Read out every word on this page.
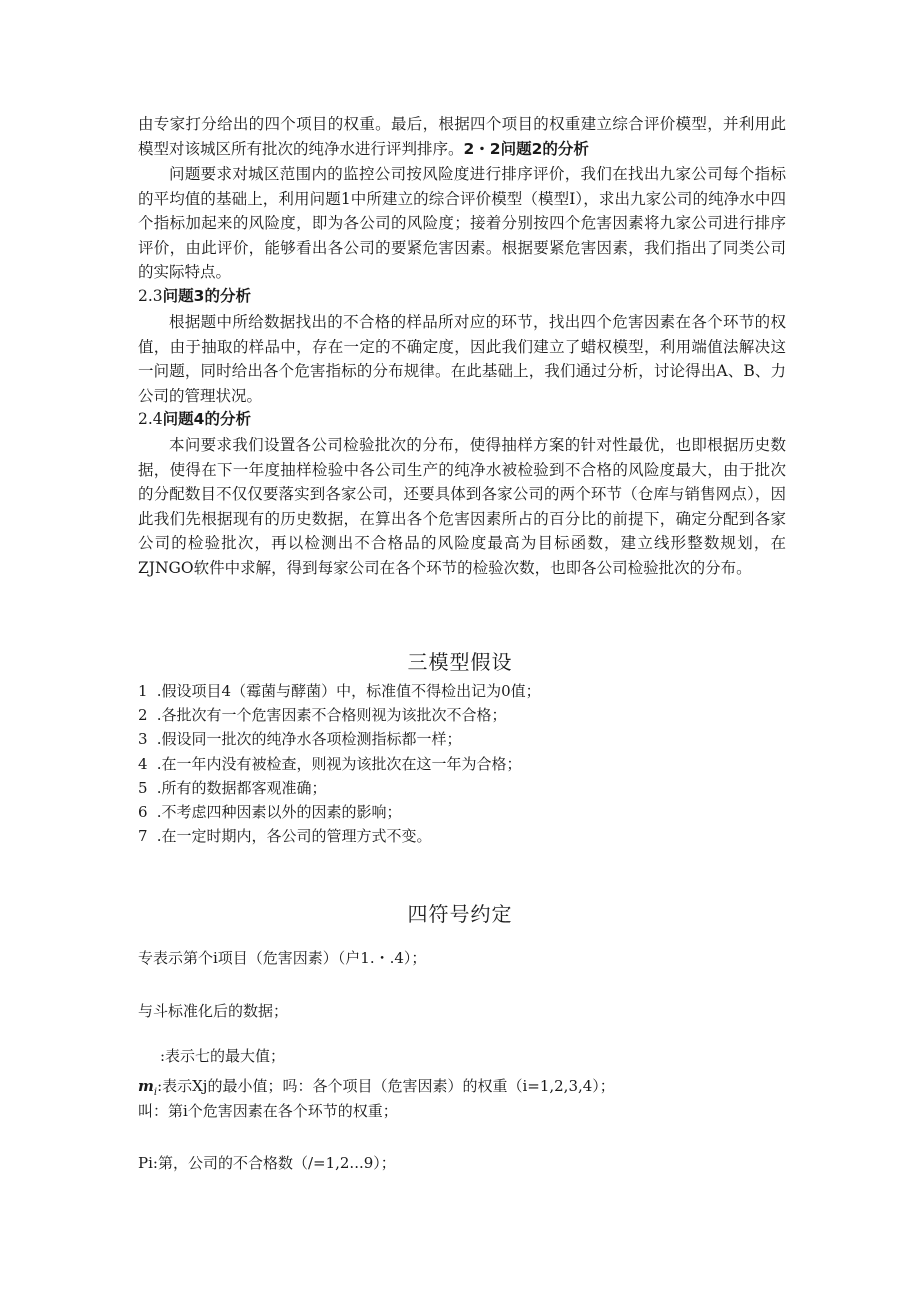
由专家打分给出的四个项目的权重。最后，根据四个项目的权重建立综合评价模型，并利用此模型对该城区所有批次的纯净水进行评判排序。2・2问题2的分析

问题要求对城区范围内的监控公司按风险度进行排序评价，我们在找出九家公司每个指标的平均值的基础上，利用问题1中所建立的综合评价模型（模型I），求出九家公司的纯净水中四个指标加起来的风险度，即为各公司的风险度；接着分别按四个危害因素将九家公司进行排序评价，由此评价，能够看出各公司的要紧危害因素。根据要紧危害因素，我们指出了同类公司的实际特点。

2.3问题3的分析

根据题中所给数据找出的不合格的样品所对应的环节，找出四个危害因素在各个环节的权值，由于抽取的样品中，存在一定的不确定度，因此我们建立了蜡权模型，利用端值法解决这一问题，同时给出各个危害指标的分布规律。在此基础上，我们通过分析，讨论得出A、B、力公司的管理状况。

2.4问题4的分析

本问要求我们设置各公司检验批次的分布，使得抽样方案的针对性最优，也即根据历史数据，使得在下一年度抽样检验中各公司生产的纯净水被检验到不合格的风险度最大，由于批次的分配数目不仅仅要落实到各家公司，还要具体到各家公司的两个环节（仓库与销售网点），因此我们先根据现有的历史数据，在算出各个危害因素所占的百分比的前提下，确定分配到各家公司的检验批次，再以检测出不合格品的风险度最高为目标函数，建立线形整数规划，在ZJNGO软件中求解，得到每家公司在各个环节的检验次数，也即各公司检验批次的分布。

三模型假设
1 .假设项目4（霉菌与酵菌）中，标准值不得检出记为0值；
2 .各批次有一个危害因素不合格则视为该批次不合格；
3 .假设同一批次的纯净水各项检测指标都一样；
4 .在一年内没有被检查，则视为该批次在这一年为合格；
5 .所有的数据都客观准确；
6 .不考虑四种因素以外的因素的影响；
7 .在一定时期内，各公司的管理方式不变。
四符号约定
专表示第个i项目（危害因素）（户1.・.4）；
与斗标准化后的数据；
:表示七的最大值；
$m_i$:表示Xj的最小值；吗：各个项目（危害因素）的权重（i=1,2,3,4）；
叫：第i个危害因素在各个环节的权重；
Pi:第，公司的不合格数（/=1,2...9）；
